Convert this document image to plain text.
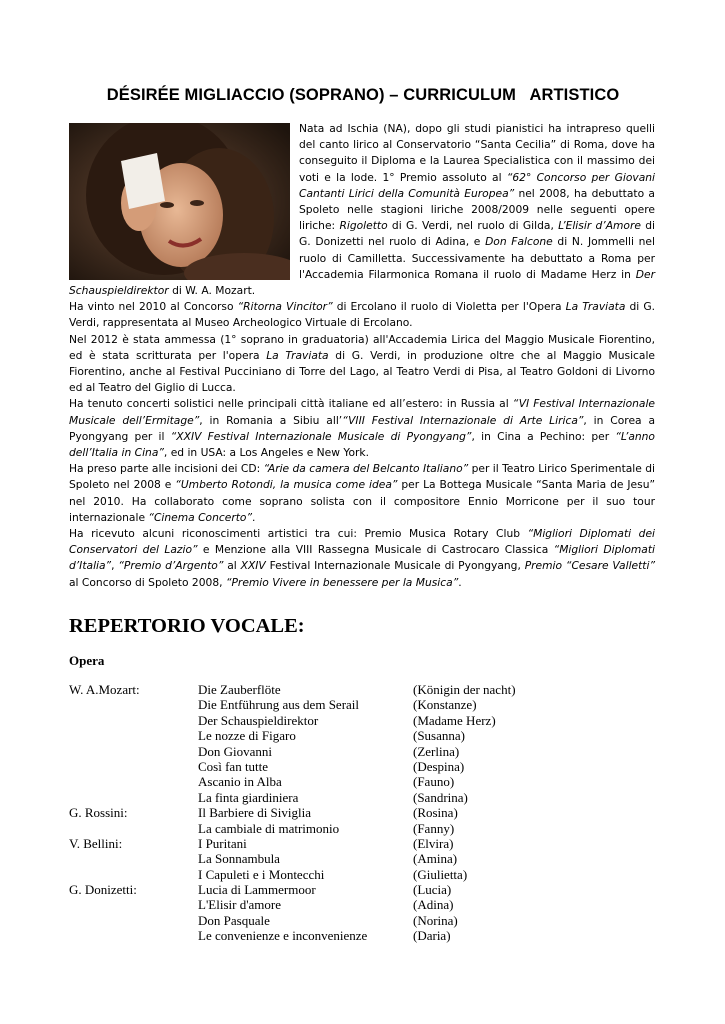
DÉSIRÉE MIGLIACCIO (SOPRANO) – CURRICULUM   ARTISTICO

Nata ad Ischia (NA), dopo gli studi pianistici ha intrapreso quelli del canto lirico al Conservatorio “Santa Cecilia” di Roma, dove ha conseguito il Diploma e la Laurea Specialistica con il massimo dei voti e la lode. 1° Premio assoluto al “62° Concorso per Giovani Cantanti Lirici della Comunità Europea” nel 2008, ha debuttato a Spoleto nelle stagioni liriche 2008/2009 nelle seguenti opere liriche: Rigoletto di G. Verdi, nel ruolo di Gilda, L’Elisir d’Amore di G. Donizetti nel ruolo di Adina, e Don Falcone di N. Jommelli nel ruolo di Camilletta. Successivamente ha debuttato a Roma per l'Accademia Filarmonica Romana il ruolo di Madame Herz in Der Schauspieldirektor di W. A. Mozart.

Ha vinto nel 2010 al Concorso “Ritorna Vincitor” di Ercolano il ruolo di Violetta per l'Opera La Traviata di G. Verdi, rappresentata al Museo Archeologico Virtuale di Ercolano.

Nel 2012 è stata ammessa (1° soprano in graduatoria) all'Accademia Lirica del Maggio Musicale Fiorentino, ed è stata scritturata per l'opera La Traviata di G. Verdi, in produzione oltre che al Maggio Musicale Fiorentino, anche al Festival Pucciniano di Torre del Lago, al Teatro Verdi di Pisa, al Teatro Goldoni di Livorno ed al Teatro del Giglio di Lucca.

Ha tenuto concerti solistici nelle principali città italiane ed all’estero: in Russia al “VI Festival Internazionale Musicale dell’Ermitage”, in Romania a Sibiu all’“VIII Festival Internazionale di Arte Lirica”, in Corea a Pyongyang per il “XXIV Festival Internazionale Musicale di Pyongyang”, in Cina a Pechino: per “L’anno dell’Italia in Cina”, ed in USA: a Los Angeles e New York.

Ha preso parte alle incisioni dei CD: “Arie da camera del Belcanto Italiano” per il Teatro Lirico Sperimentale di Spoleto nel 2008 e “Umberto Rotondi, la musica come idea” per La Bottega Musicale “Santa Maria de Jesu” nel 2010. Ha collaborato come soprano solista con il compositore Ennio Morricone per il suo tour internazionale “Cinema Concerto”.

Ha ricevuto alcuni riconoscimenti artistici tra cui: Premio Musica Rotary Club “Migliori Diplomati dei Conservatori del Lazio” e Menzione alla VIII Rassegna Musicale di Castrocaro Classica “Migliori Diplomati d’Italia”, “Premio d’Argento” al XXIV Festival Internazionale Musicale di Pyongyang, Premio “Cesare Valletti” al Concorso di Spoleto 2008, “Premio Vivere in benessere per la Musica”.

REPERTORIO VOCALE:
Opera
W. A.Mozart:	Die Zauberflöte	(Königin der nacht)
Die Entführung aus dem Serail	(Konstanze)
Der Schauspieldirektor	(Madame Herz)
Le nozze di Figaro	(Susanna)
Don Giovanni	(Zerlina)
Così fan tutte	(Despina)
Ascanio in Alba	(Fauno)
La finta giardiniera	(Sandrina)
G. Rossini:	Il Barbiere di Siviglia	(Rosina)
La cambiale di matrimonio	(Fanny)
V. Bellini:	I Puritani	(Elvira)
La Sonnambula	(Amina)
I Capuleti e i Montecchi	(Giulietta)
G. Donizetti:	Lucia di Lammermoor	(Lucia)
L'Elisir d'amore	(Adina)
Don Pasquale	(Norina)
Le convenienze e inconvenienze	(Daria)
